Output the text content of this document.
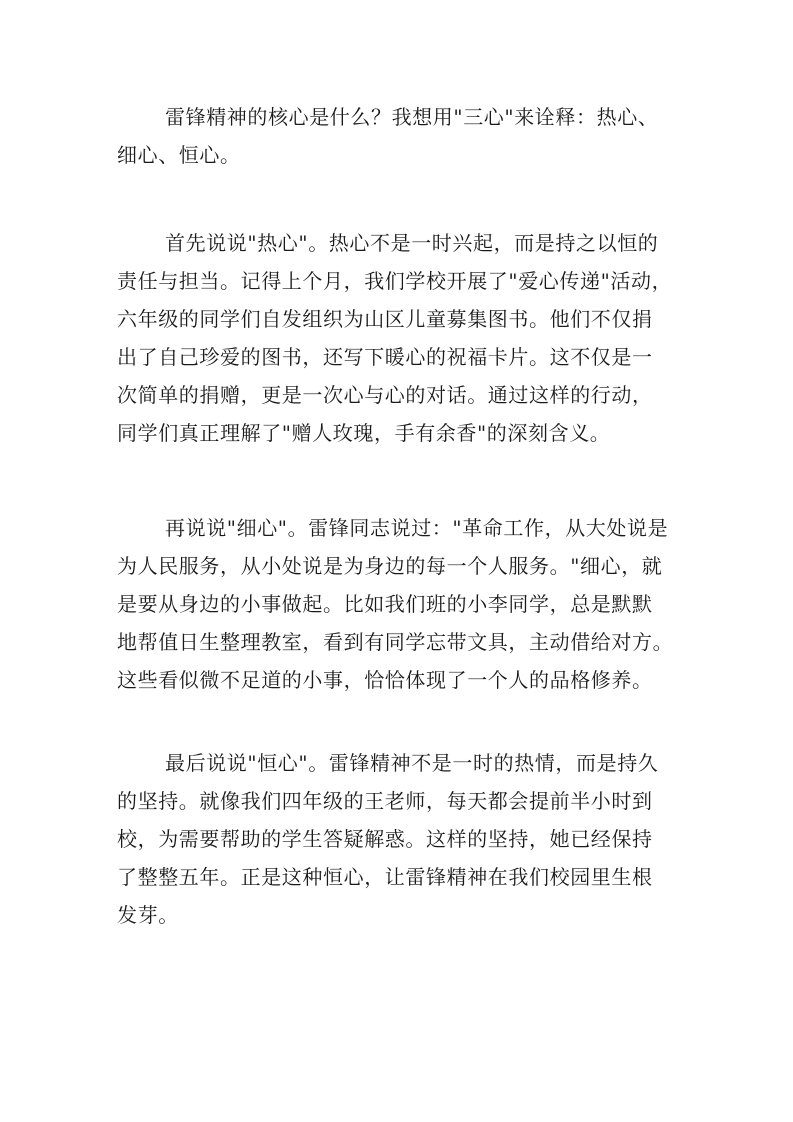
雷锋精神的核心是什么？我想用"三心"来诠释：热心、
细心、恒心。
首先说说"热心"。热心不是一时兴起，而是持之以恒的
责任与担当。记得上个月，我们学校开展了"爱心传递"活动，
六年级的同学们自发组织为山区儿童募集图书。他们不仅捐
出了自己珍爱的图书，还写下暖心的祝福卡片。这不仅是一
次简单的捐赠，更是一次心与心的对话。通过这样的行动，
同学们真正理解了"赠人玫瑰，手有余香"的深刻含义。
再说说"细心"。雷锋同志说过："革命工作，从大处说是
为人民服务，从小处说是为身边的每一个人服务。"细心，就
是要从身边的小事做起。比如我们班的小李同学，总是默默
地帮值日生整理教室，看到有同学忘带文具，主动借给对方。
这些看似微不足道的小事，恰恰体现了一个人的品格修养。
最后说说"恒心"。雷锋精神不是一时的热情，而是持久
的坚持。就像我们四年级的王老师，每天都会提前半小时到
校，为需要帮助的学生答疑解惑。这样的坚持，她已经保持
了整整五年。正是这种恒心，让雷锋精神在我们校园里生根
发芽。
